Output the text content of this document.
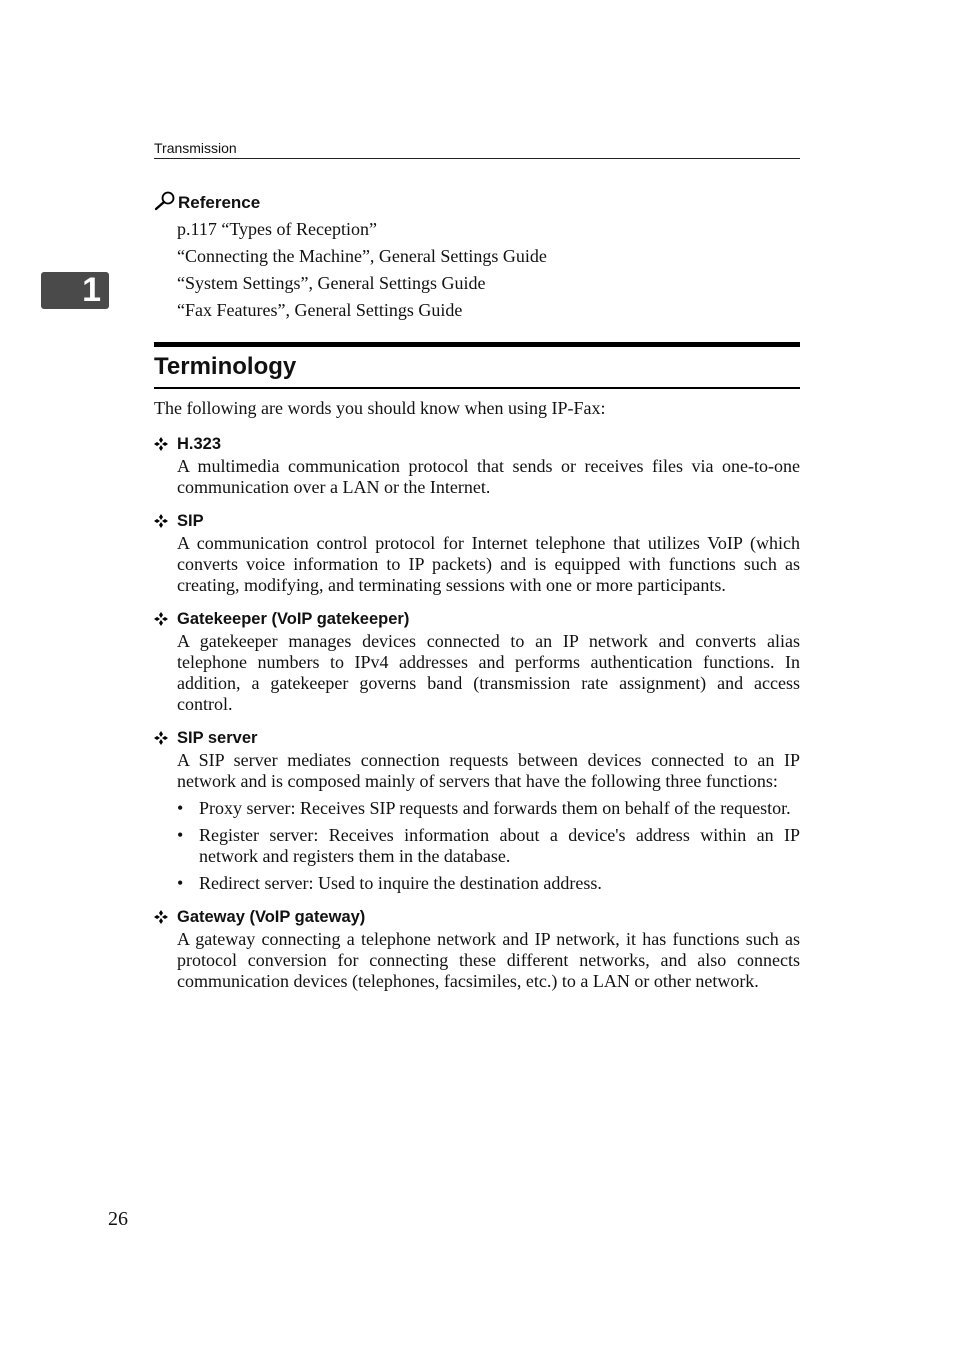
Transmission
1
Reference
p.117 “Types of Reception”
“Connecting the Machine”, General Settings Guide
“System Settings”, General Settings Guide
“Fax Features”, General Settings Guide
Terminology

The following are words you should know when using IP-Fax:

H.323

A multimedia communication protocol that sends or receives files via one-to-one communication over a LAN or the Internet.

SIP

A communication control protocol for Internet telephone that utilizes VoIP (which converts voice information to IP packets) and is equipped with functions such as creating, modifying, and terminating sessions with one or more participants.

Gatekeeper (VoIP gatekeeper)

A gatekeeper manages devices connected to an IP network and converts alias telephone numbers to IPv4 addresses and performs authentication functions. In addition, a gatekeeper governs band (transmission rate assignment) and access control.

SIP server

A SIP server mediates connection requests between devices connected to an IP network and is composed mainly of servers that have the following three functions:

• Proxy server: Receives SIP requests and forwards them on behalf of the requestor.
• Register server: Receives information about a device's address within an IP network and registers them in the database.
• Redirect server: Used to inquire the destination address.
Gateway (VoIP gateway)

A gateway connecting a telephone network and IP network, it has functions such as protocol conversion for connecting these different networks, and also connects communication devices (telephones, facsimiles, etc.) to a LAN or other network.

26
